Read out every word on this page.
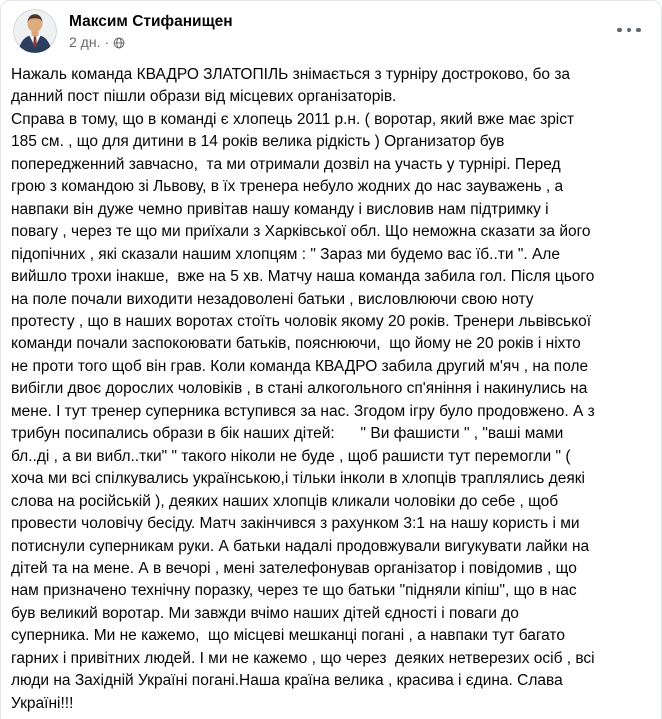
Максим Стифанищен
2 дн. ·
Нажаль команда КВАДРО ЗЛАТОПІЛЬ знімається з турніру достроково, бо за
данний пост пішли образи від місцевих організаторів.
Справа в тому, що в команді є хлопець 2011 р.н. ( воротар, який вже має зріст
185 см. , що для дитини в 14 років велика рідкість ) Организатор був
попередженний завчасно,  та ми отримали дозвіл на участь у турнірі. Перед
грою з командою зі Львову, в їх тренера небуло жодних до нас зауважень , а
навпаки він дуже чемно привітав нашу команду і висловив нам підтримку і
повагу , через те що ми приїхали з Харківської обл. Що неможна сказати за його
підопічних , які сказали нашим хлопцям : " Зараз ми будемо вас їб..ти ". Але
вийшло трохи інакше,  вже на 5 хв. Матчу наша команда забила гол. Після цього
на поле почали виходити незадоволені батьки , висловлюючи свою ноту
протесту , що в наших воротах стоїть чоловік якому 20 років. Тренери львівської
команди почали заспокоювати батьків, пояснюючи,  що йому не 20 років і ніхто
не проти того щоб він грав. Коли команда КВАДРО забила другий м'яч , на поле
вибігли двоє дорослих чоловіків , в стані алкогольного сп'яніння і накинулись на
мене. І тут тренер суперника вступився за нас. Згодом ігру було продовжено. А з
трибун посипались образи в бік наших дітей:      " Ви фашисти " , "ваші мами
бл..ді , а ви вибл..тки" " такого ніколи не буде , щоб рашисти тут перемогли " (
хоча ми всі спілкувались українською,і тільки інколи в хлопців траплялись деякі
слова на російській ), деяких наших хлопців кликали чоловіки до себе , щоб
провести чоловічу бесіду. Матч закінчився з рахунком 3:1 на нашу користь і ми
потиснули суперникам руки. А батьки надалі продовжували вигукувати лайки на
дітей та на мене. А в вечорі , мені зателефонував організатор і повідомив , що
нам призначено технічну поразку, через те що батьки "підняли кіпіш", що в нас
був великий воротар. Ми завжди вчімо наших дітей єдності і поваги до
суперника. Ми не кажемо,  що місцеві мешканці погані , а навпаки тут багато
гарних і привітних людей. І ми не кажемо , що через  деяких нетверезих осіб , всі
люди на Західній Україні погані.Наша країна велика , красива і єдина. Слава
Україні!!!
